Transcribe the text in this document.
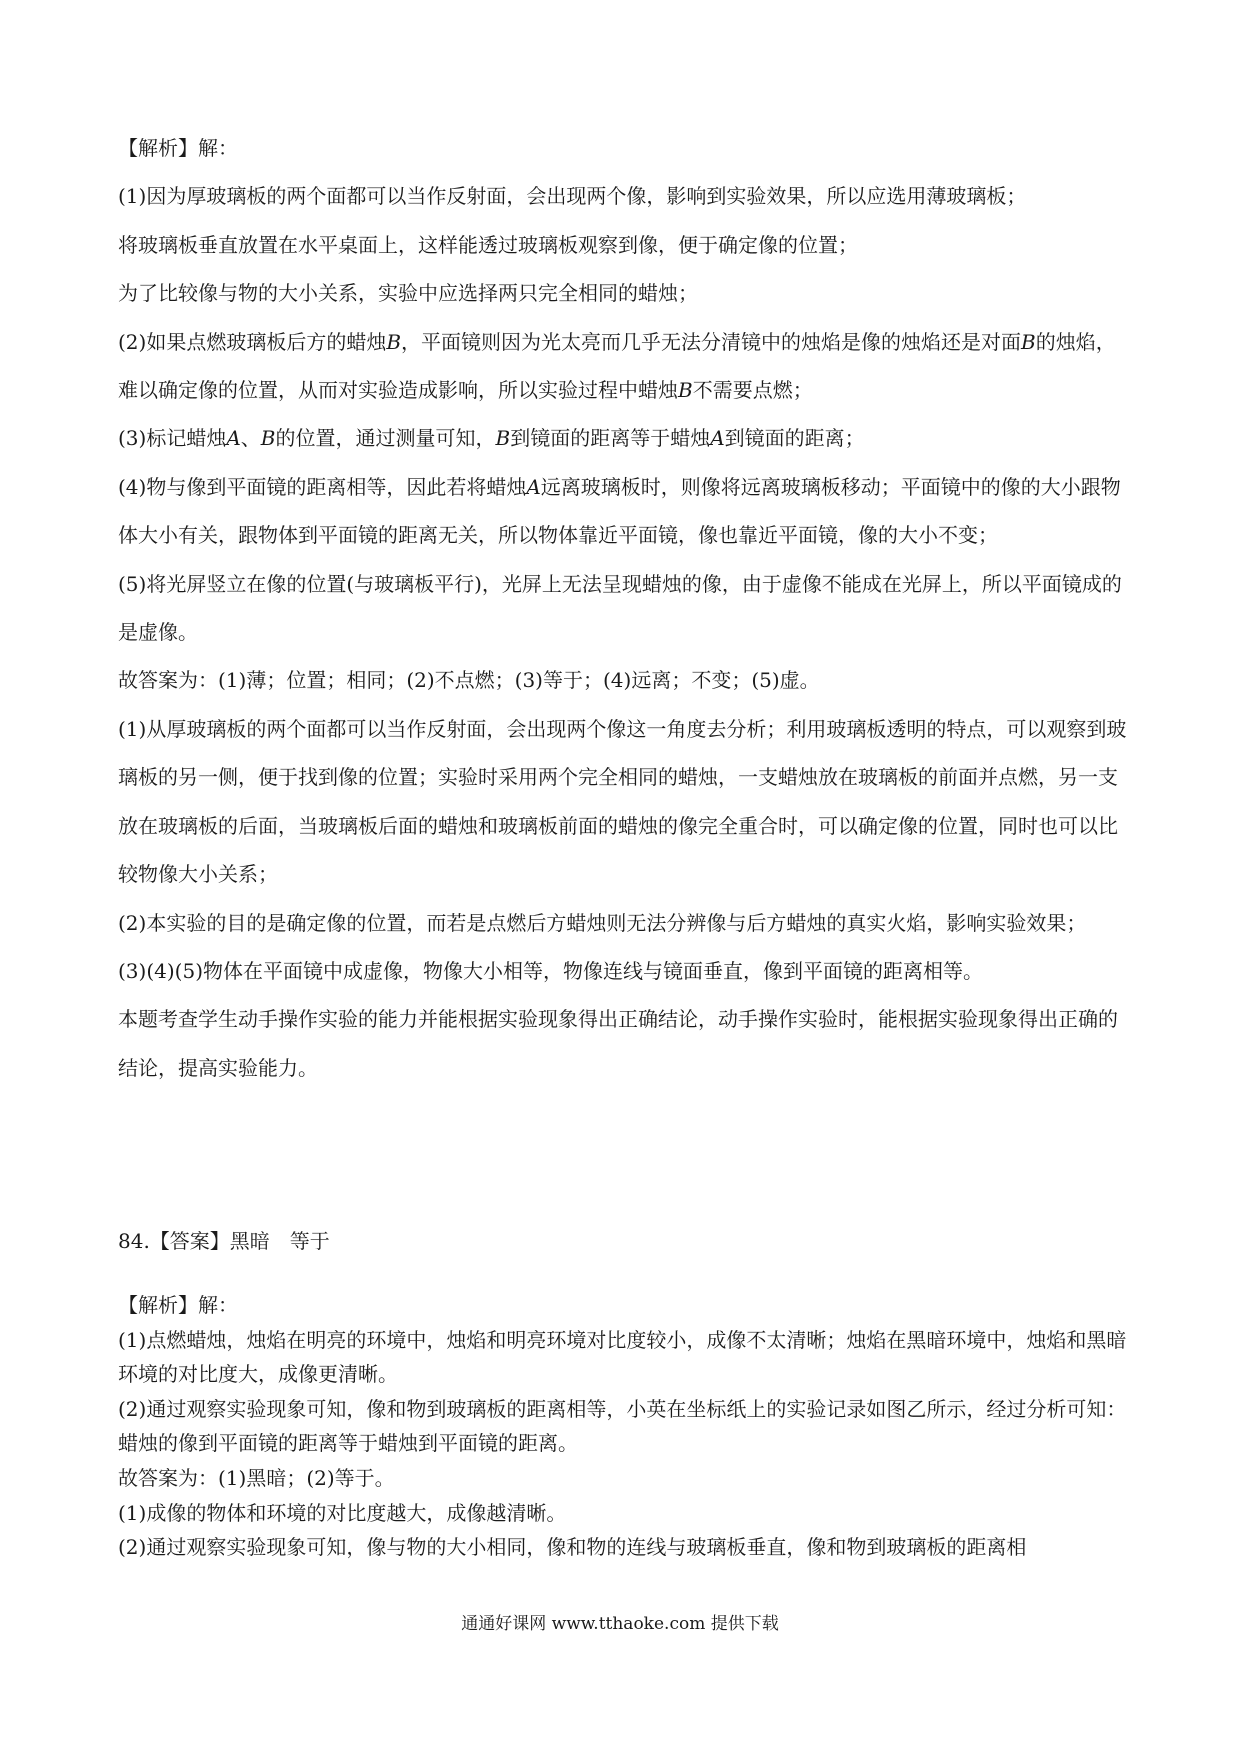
【解析】解：

(1)因为厚玻璃板的两个面都可以当作反射面，会出现两个像，影响到实验效果，所以应选用薄玻璃板；

将玻璃板垂直放置在水平桌面上，这样能透过玻璃板观察到像，便于确定像的位置；

为了比较像与物的大小关系，实验中应选择两只完全相同的蜡烛；

(2)如果点燃玻璃板后方的蜡烛B，平面镜则因为光太亮而几乎无法分清镜中的烛焰是像的烛焰还是对面B的烛焰，难以确定像的位置，从而对实验造成影响，所以实验过程中蜡烛B不需要点燃；

(3)标记蜡烛A、B的位置，通过测量可知，B到镜面的距离等于蜡烛A到镜面的距离；

(4)物与像到平面镜的距离相等，因此若将蜡烛A远离玻璃板时，则像将远离玻璃板移动；平面镜中的像的大小跟物体大小有关，跟物体到平面镜的距离无关，所以物体靠近平面镜，像也靠近平面镜，像的大小不变；

(5)将光屏竖立在像的位置(与玻璃板平行)，光屏上无法呈现蜡烛的像，由于虚像不能成在光屏上，所以平面镜成的是虚像。

故答案为：(1)薄；位置；相同；(2)不点燃；(3)等于；(4)远离；不变；(5)虚。

(1)从厚玻璃板的两个面都可以当作反射面，会出现两个像这一角度去分析；利用玻璃板透明的特点，可以观察到玻璃板的另一侧，便于找到像的位置；实验时采用两个完全相同的蜡烛，一支蜡烛放在玻璃板的前面并点燃，另一支放在玻璃板的后面，当玻璃板后面的蜡烛和玻璃板前面的蜡烛的像完全重合时，可以确定像的位置，同时也可以比较物像大小关系；

(2)本实验的目的是确定像的位置，而若是点燃后方蜡烛则无法分辨像与后方蜡烛的真实火焰，影响实验效果；

(3)(4)(5)物体在平面镜中成虚像，物像大小相等，物像连线与镜面垂直，像到平面镜的距离相等。

本题考查学生动手操作实验的能力并能根据实验现象得出正确结论，动手操作实验时，能根据实验现象得出正确的结论，提高实验能力。

84.【答案】黑暗　等于

【解析】解：

(1)点燃蜡烛，烛焰在明亮的环境中，烛焰和明亮环境对比度较小，成像不太清晰；烛焰在黑暗环境中，烛焰和黑暗环境的对比度大，成像更清晰。

(2)通过观察实验现象可知，像和物到玻璃板的距离相等，小英在坐标纸上的实验记录如图乙所示，经过分析可知：蜡烛的像到平面镜的距离等于蜡烛到平面镜的距离。

故答案为：(1)黑暗；(2)等于。

(1)成像的物体和环境的对比度越大，成像越清晰。

(2)通过观察实验现象可知，像与物的大小相同，像和物的连线与玻璃板垂直，像和物到玻璃板的距离相

通通好课网 www.tthaoke.com 提供下载
